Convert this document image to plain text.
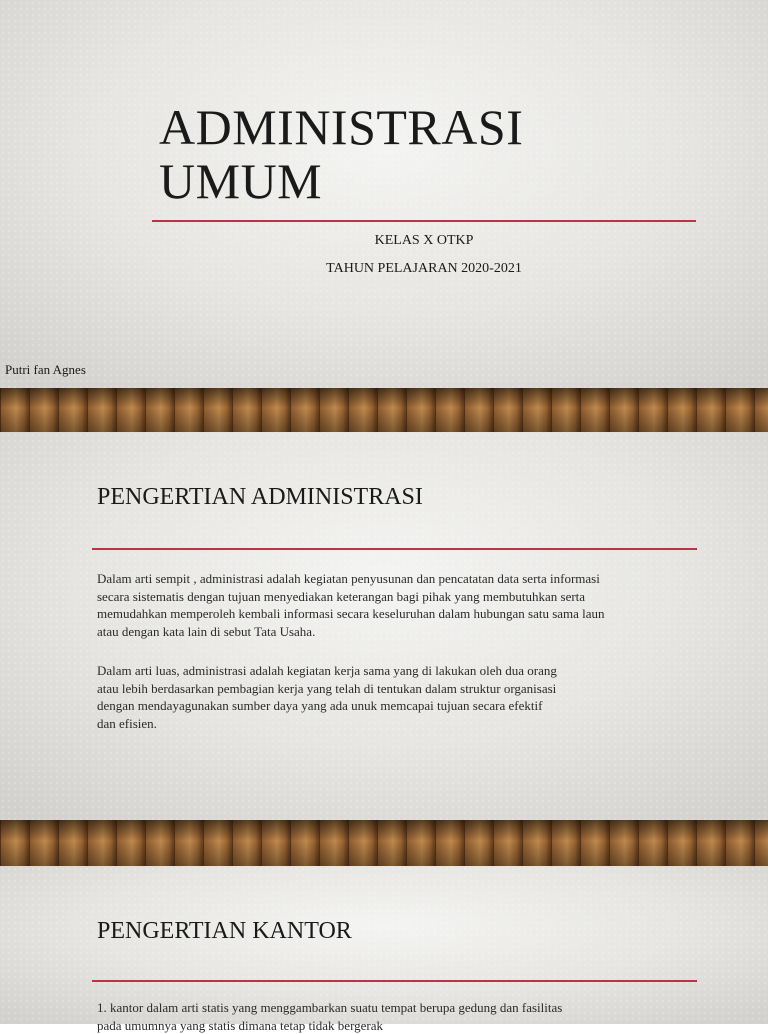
ADMINISTRASI
UMUM
KELAS X OTKP
TAHUN PELAJARAN 2020-2021
Putri fan Agnes
PENGERTIAN ADMINISTRASI

Dalam arti sempit , administrasi adalah kegiatan penyusunan dan pencatatan data serta informasi
secara sistematis dengan tujuan menyediakan keterangan bagi pihak yang membutuhkan serta
memudahkan memperoleh kembali informasi secara keseluruhan dalam hubungan satu sama laun
atau dengan kata lain di sebut Tata Usaha.

Dalam arti luas, administrasi adalah kegiatan kerja sama yang di lakukan oleh dua orang
atau lebih berdasarkan pembagian kerja yang telah di tentukan dalam struktur organisasi
dengan mendayagunakan sumber daya yang ada unuk memcapai tujuan secara efektif
dan efisien.

PENGERTIAN KANTOR

1. kantor dalam arti statis yang menggambarkan suatu tempat berupa gedung dan fasilitas
pada umumnya yang statis dimana tetap tidak bergerak
